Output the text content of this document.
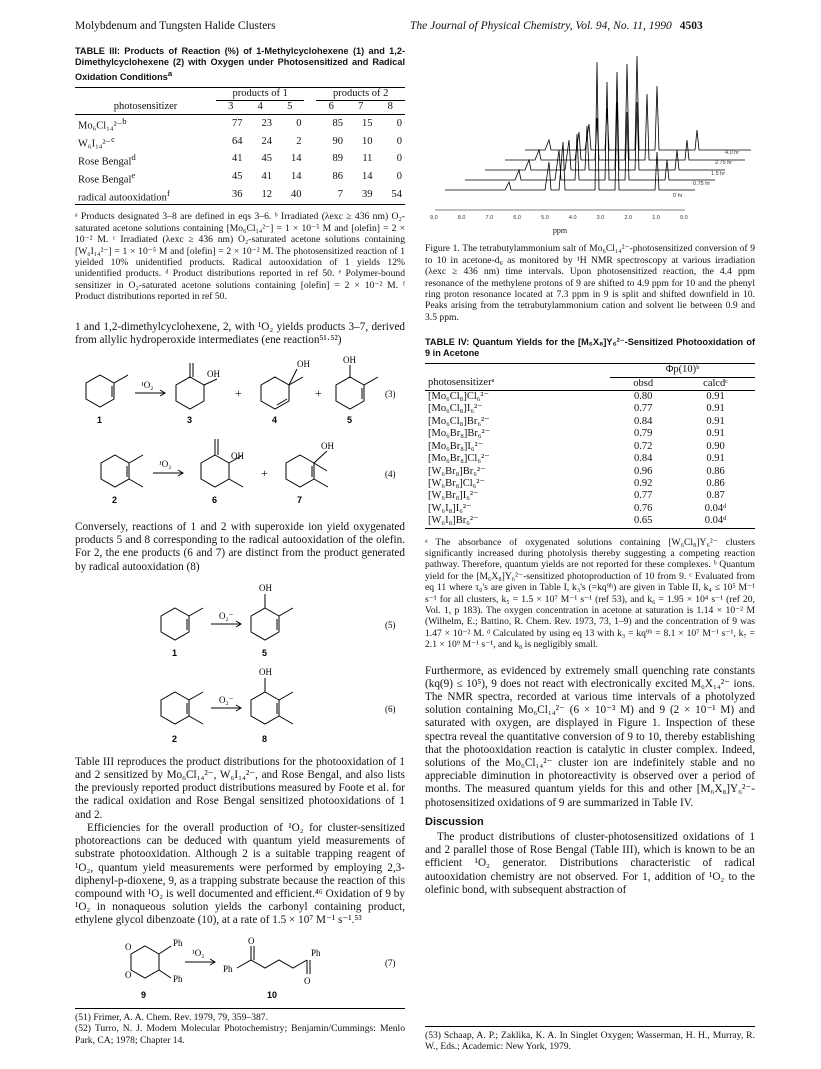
Molybdenum and Tungsten Halide Clusters	The Journal of Physical Chemistry, Vol. 94, No. 11, 1990 4503
TABLE III: Products of Reaction (%) of 1-Methylcyclohexene (1) and 1,2-Dimethylcyclohexene (2) with Oxygen under Photosensitized and Radical Oxidation Conditions$^a$
	products of 1				products of 2		
photosensitizer	3	4	5		6	7	8
Mo₆Cl₁₄²⁻$^b$	77	23	0		85	15	0
W₆I₁₄²⁻$^c$	64	24	2		90	10	0
Rose Bengal$^d$	41	45	14		89	11	0
Rose Bengal$^e$	45	41	14		86	14	0
radical autooxidation$^f$	36	12	40		7	39	54
ᵃ Products designated 3–8 are defined in eqs 3–6. ᵇ Irradiated (λexc ≥ 436 nm) O₂-saturated acetone solutions containing [Mo₆Cl₁₄²⁻] = 1 × 10⁻⁵ M and [olefin] = 2 × 10⁻² M. ᶜ Irradiated (λexc ≥ 436 nm) O₂-saturated acetone solutions containing [W₆I₁₄²⁻] = 1 × 10⁻⁵ M and [olefin] = 2 × 10⁻² M. The photosensitized reaction of 1 yielded 10% unidentified products. Radical autooxidation of 1 yields 12% unidentified products. ᵈ Product distributions reported in ref 50. ᵉ Polymer-bound sensitizer in O₂-saturated acetone solutions containing [olefin] = 2 × 10⁻² M. ᶠ Product distributions reported in ref 50.

1 and 1,2-dimethylcyclohexene, 2, with ¹O₂ yields products 3–7, derived from allylic hydroperoxide intermediates (ene reaction⁵¹·⁵²)

¹O₂
OH
OH	OH
+	+	(3)
¹O₂
OH
OH
+	(4)
1	3	4	5
2	6	7

Conversely, reactions of 1 and 2 with superoxide ion yield oxygenated products 5 and 8 corresponding to the radical autooxidation of the olefin. For 2, the ene products (6 and 7) are distinct from the product generated by radical autooxidation (8)

O₂⁻
OH
(5)
O₂⁻
OH
(6)
1	5
2	8

Table III reproduces the product distributions for the photooxidation of 1 and 2 sensitized by Mo₆Cl₁₄²⁻, W₆I₁₄²⁻, and Rose Bengal, and also lists the previously reported product distributions measured by Foote et al. for the radical oxidation and Rose Bengal sensitized photooxidations of 1 and 2.

Efficiencies for the overall production of ¹O₂ for cluster-sensitized photoreactions can be deduced with quantum yield measurements of substrate photooxidation. Although 2 is a suitable trapping reagent of ¹O₂, quantum yield measurements were performed by employing 2,3-diphenyl-p-dioxene, 9, as a trapping substrate because the reaction of this compound with ¹O₂ is well documented and efficient.⁴⁶ Oxidation of 9 by ¹O₂ in nonaqueous solution yields the carbonyl containing product, ethylene glycol dibenzoate (10), at a rate of 1.5 × 10⁷ M⁻¹ s⁻¹.⁵³

O
O
Ph
Ph
¹O₂
Ph
O
Ph
O
(7)
9	10
(51) Frimer, A. A. Chem. Rev. 1979, 79, 359–387.
(52) Turro, N. J. Modern Molecular Photochemistry; Benjamin/Cummings: Menlo Park, CA; 1978; Chapter 14.
4.0 hr
2.75 hr
1.5 hr
0.75 hr
0 hr
9.0	8.0	7.0	6.0	5.0	4.0	3.0	2.0	1.0	0.0
ppm
Figure 1. The tetrabutylammonium salt of Mo₆Cl₁₄²⁻-photosensitized conversion of 9 to 10 in acetone-d₆ as monitored by ¹H NMR spectroscopy at various irradiation (λexc ≥ 436 nm) time intervals. Upon photosensitized reaction, the 4.4 ppm resonance of the methylene protons of 9 are shifted to 4.9 ppm for 10 and the phenyl ring proton resonance located at 7.3 ppm in 9 is split and shifted downfield in 10. Peaks arising from the tetrabutylammonium cation and solvent lie between 0.9 and 3.5 ppm.
TABLE IV: Quantum Yields for the [M₆X₈]Y₆²⁻-Sensitized Photooxidation of 9 in Acetone
	Φp(10)ᵇ	
photosensitizerᵃ	obsd	calcdᶜ
[Mo₆Cl₈]Cl₆²⁻	0.80	0.91
[Mo₆Cl₈]I₆²⁻	0.77	0.91
[Mo₆Cl₈]Br₆²⁻	0.84	0.91
[Mo₆Br₈]Br₆²⁻	0.79	0.91
[Mo₆Br₈]I₆²⁻	0.72	0.90
[Mo₆Br₈]Cl₆²⁻	0.84	0.91
[W₆Br₈]Br₆²⁻	0.96	0.86
[W₆Br₈]Cl₆²⁻	0.92	0.86
[W₆Br₈]I₆²⁻	0.77	0.87
[W₆I₈]I₆²⁻	0.76	0.04ᵈ
[W₆I₈]Br₆²⁻	0.65	0.04ᵈ
ᵃ The absorbance of oxygenated solutions containing [W₆Cl₈]Y₆²⁻ clusters significantly increased during photolysis thereby suggesting a competing reaction pathway. Therefore, quantum yields are not reported for these complexes. ᵇ Quantum yield for the [M₆X₈]Y₆²⁻-sensitized photoproduction of 10 from 9. ᶜ Evaluated from eq 11 where τ₀'s are given in Table I, k₃'s (=kq⁹ʰ) are given in Table II, k₄ ≤ 10⁵ M⁻¹ s⁻¹ for all clusters, k₅ = 1.5 × 10⁷ M⁻¹ s⁻¹ (ref 53), and k₆ = 1.95 × 10⁴ s⁻¹ (ref 20, Vol. 1, p 183). The oxygen concentration in acetone at saturation is 1.14 × 10⁻² M (Wilhelm, E.; Battino, R. Chem. Rev. 1973, 73, 1–9) and the concentration of 9 was 1.47 × 10⁻² M. ᵈ Calculated by using eq 13 with k₃ = kq⁹ʰ = 8.1 × 10⁷ M⁻¹ s⁻¹, k₇ = 2.1 × 10⁹ M⁻¹ s⁻¹, and k₈ is negligibly small.

Furthermore, as evidenced by extremely small quenching rate constants (kq(9) ≤ 10⁵), 9 does not react with electronically excited M₆X₁₄²⁻ ions. The NMR spectra, recorded at various time intervals of a photolyzed solution containing Mo₆Cl₁₄²⁻ (6 × 10⁻³ M) and 9 (2 × 10⁻¹ M) and saturated with oxygen, are displayed in Figure 1. Inspection of these spectra reveal the quantitative conversion of 9 to 10, thereby establishing that the photooxidation reaction is catalytic in cluster complex. Indeed, solutions of the Mo₆Cl₁₄²⁻ cluster ion are indefinitely stable and no appreciable diminution in photoreactivity is observed over a period of months. The measured quantum yields for this and other [M₆X₈]Y₆²⁻-photosensitized oxidations of 9 are summarized in Table IV.

Discussion

The product distributions of cluster-photosensitized oxidations of 1 and 2 parallel those of Rose Bengal (Table III), which is known to be an efficient ¹O₂ generator. Distributions characteristic of radical autooxidation chemistry are not observed. For 1, addition of ¹O₂ to the olefinic bond, with subsequent abstraction of

(53) Schaap, A. P.; Zaklika, K. A. In Singlet Oxygen; Wasserman, H. H., Murray, R. W., Eds.; Academic: New York, 1979.
